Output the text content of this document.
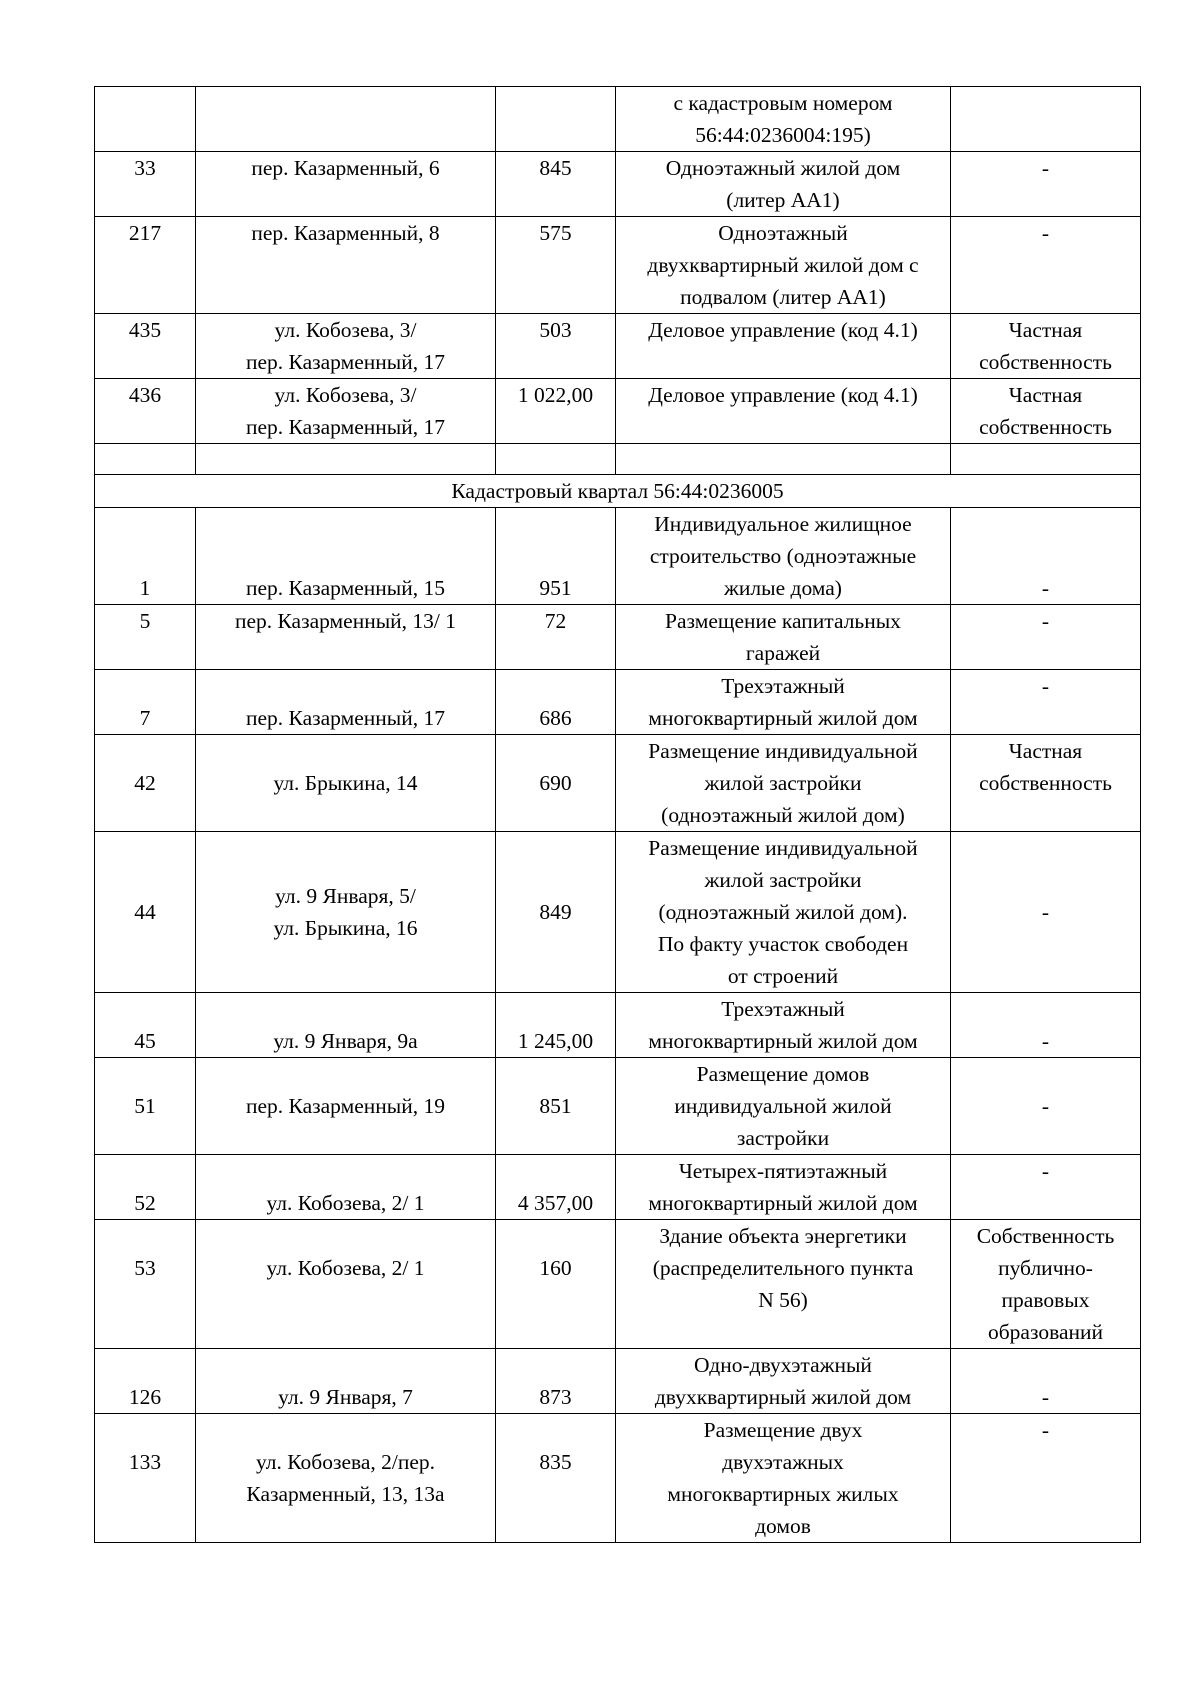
			с кадастровым номером
56:44:0236004:195)	

33	пер. Казарменный, 6	845	Одноэтажный жилой дом
(литер АА1)	-

217	пер. Казарменный, 8	575	Одноэтажный
двухквартирный жилой дом с
подвалом (литер АА1)	-

435	ул. Кобозева, 3/
пер. Казарменный, 17	503	Деловое управление (код 4.1)	Частная
собственность

436	ул. Кобозева, 3/
пер. Казарменный, 17	1 022,00	Деловое управление (код 4.1)	Частная
собственность

Кадастровый квартал 56:44:0236005				

1	пер. Казарменный, 15	951	Индивидуальное жилищное
строительство (одноэтажные
жилые дома)	-

5	пер. Казарменный, 13/ 1	72	Размещение капитальных
гаражей	-

7	пер. Казарменный, 17	686	Трехэтажный
многоквартирный жилой дом	-

42	ул. Брыкина, 14	690	Размещение индивидуальной
жилой застройки
(одноэтажный жилой дом)	Частная
собственность

44	ул. 9 Января, 5/
ул. Брыкина, 16	849	Размещение индивидуальной
жилой застройки
(одноэтажный жилой дом).
По факту участок свободен
от строений	-

45	ул. 9 Января, 9а	1 245,00	Трехэтажный
многоквартирный жилой дом	-

51	пер. Казарменный, 19	851	Размещение домов
индивидуальной жилой
застройки	-

52	ул. Кобозева, 2/ 1	4 357,00	Четырех-пятиэтажный
многоквартирный жилой дом	-

53	ул. Кобозева, 2/ 1	160	Здание объекта энергетики
(распределительного пункта
N 56)	Собственность
публично-
правовых
образований

126	ул. 9 Января, 7	873	Одно-двухэтажный
двухквартирный жилой дом	-

133	ул. Кобозева, 2/пер.
Казарменный, 13, 13а	835	Размещение двух
двухэтажных
многоквартирных жилых
домов	-
